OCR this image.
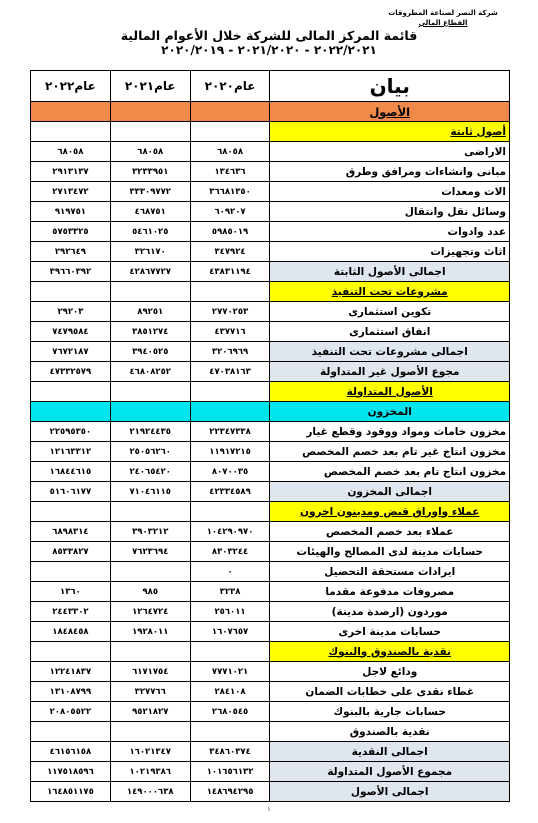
شركة النصر لصناعة المطروقات
القطاع المالي
قائمة المركز المالى للشركة خلال الأعوام المالية
٢٠٢٢/٢٠٢١ - ٢٠٢١/٢٠٢٠ - ٢٠٢٠/٢٠١٩
بيان	عام٢٠٢٠	عام٢٠٢١	عام٢٠٢٢
الأصول			
أصول ثابتة			
الاراضى	٦٨٠٥٨	٦٨٠٥٨	٦٨٠٥٨
مبانى وانشاءات ومرافق وطرق	١٣٤٦٣٦	٣٢٣٣٩٥١	٢٩١٣١٣٧
الات ومعدات	٣٦٦٨١٣٥٠	٣٣٣٠٩٧٧٢	٢٧١٣٤٧٢
وسائل نقل وانتقال	٦٠٩٢٠٧	٤٦٨٧٥١	٩١٩٧٥١
عدد وادوات	٥٩٨٥٠١٩	٥٤٦١٠٢٥	٥٧٥٣٣٢٥
اثاث وتجهيزات	٣٤٧٩٢٤	٣٢٦١٧٠	٢٩٢٦٤٩
اجمالى الأصول الثابتة	٤٣٨٣١١٩٤	٤٢٨٦٧٧٢٧	٣٩٦٦٠٣٩٢
مشروعات تحت التنفيذ			
تكوين استثمارى	٢٧٧٠٢٥٣	٨٩٢٥١	٢٩٢٠٣
انفاق استثمارى	٤٣٧٧١٦	٣٨٥١٢٧٤	٧٤٧٩٥٨٤
اجمالى مشروعات تحت التنفيذ	٣٢٠٦٩٦٩	٣٩٤٠٥٢٥	٧٦٧٢١٨٧
مجوع الأصول غير المتداولة	٤٧٠٣٨١٦٣	٤٦٨٠٨٢٥٢	٤٧٣٣٢٥٧٩
الأصول المتداولة			
المخزون			
مخزون خامات ومواد ووقود وقطع غيار	٢٢٣٤٧٣٣٨	٢١٩٢٤٤٣٥	٢٢٥٩٥٣٥٠
مخزون انتاج غير تام بعد خصم المخصص	١١٩١٧٢١٥	٢٥٠٥٦٢٦٠	١٢١٦٣٣١٢
مخزون انتاج تام بعد خصم المخصص	٨٠٧٠٠٣٥	٢٤٠٦٥٤٢٠	١٦٨٤٤٦١٥
اجمالى المخزون	٤٢٣٣٤٥٨٩	٧١٠٤٦١١٥	٥١٦٠٦١٧٧
عملاء واوراق قبض ومدينون اخرون			
عملاء بعد خصم المخصص	١٠٤٢٩٠٩٧٠	٣٩٠٣٢١٢	٦٨٩٨٣١٤
حسابات مدينة لدى المصالح والهيئات	٨٣٠٣٢٤٤	٧٦٢٣٦٩٤	٨٥٣٣٨٢٧
ايرادات مستحقة التحصيل	٠		
مصروفات مدفوعة مقدما	٣٢٣٨	٩٨٥	١٣٦٠
موردون (ارصدة مدينة)	٢٥٦٠١١	١٢٦٤٧٢٤	٢٤٤٣٣٠٢
حسابات مدينة اخرى	١٦٠٧٦٥٧	١٩٢٨٠١١	١٨٤٨٤٥٨
نقدية بالصندوق والبنوك			
ودائع لاجل	٧٧٧١٠٢١	٦١٧١٧٥٤	١٢٢٤١٨٣٧
غطاء نقدى على خطابات الضمان	٢٨٤١٠٨	٣٢٧٧٦٦	١٣١٠٨٧٩٩
حسابات جارية بالبنوك	٢٦٨٠٥٤٥	٩٥٢١٨٢٧	٢٠٨٠٥٥٢٢
نقدية بالصندوق			
اجمالى النقدية	٣٤٨٦٠٣٧٤	١٦٠٢١٣٤٧	٤٦١٥٦١٥٨
مجموع الأصول المتداولة	١٠١٦٥٦١٣٢	١٠٢١٩٣٨٦	١١٧٥١٨٥٩٦
اجمالى الأصول	١٤٨٦٩٤٢٩٥	١٤٩٠٠٠٦٣٨	١٦٤٨٥١١٧٥
١
